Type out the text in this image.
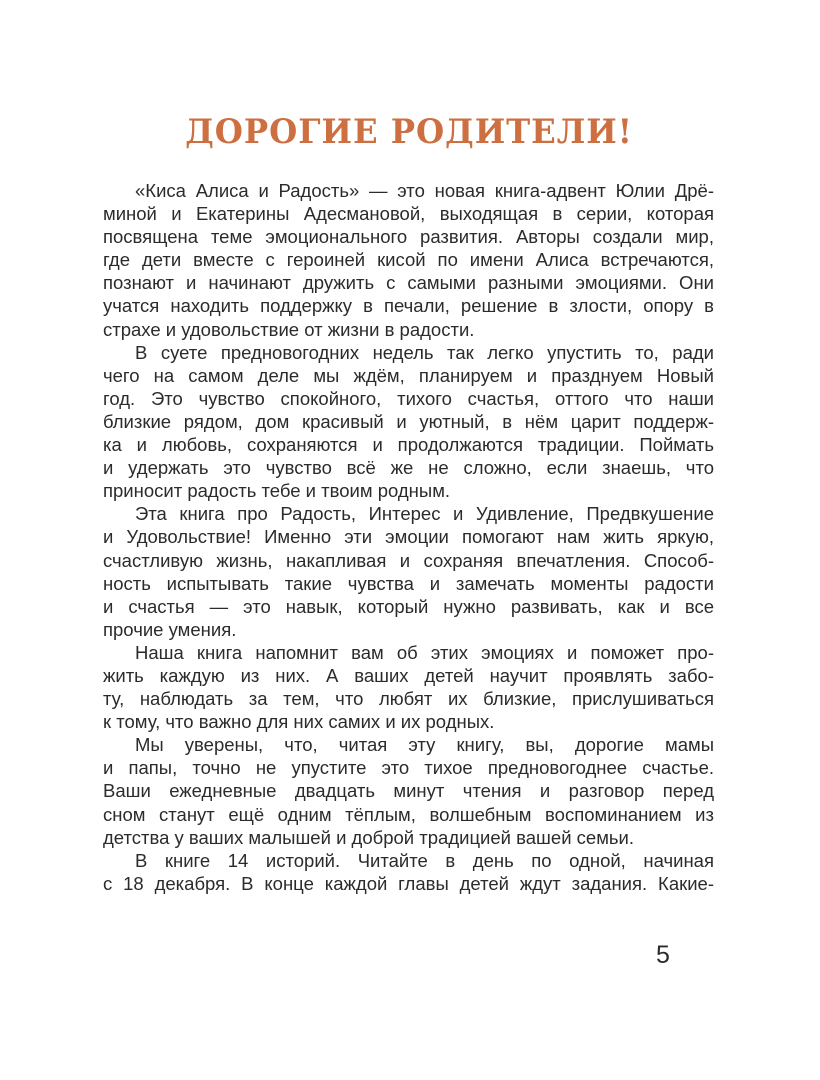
ДОРОГИЕ РОДИТЕЛИ!
«Киса Алиса и Радость» — это новая книга-адвент Юлии Дрё-
миной и Екатерины Адесмановой, выходящая в серии, которая
посвящена теме эмоционального развития. Авторы создали мир,
где дети вместе с героиней кисой по имени Алиса встречаются,
познают и начинают дружить с самыми разными эмоциями. Они
учатся находить поддержку в печали, решение в злости, опору в
страхе и удовольствие от жизни в радости.
В суете предновогодних недель так легко упустить то, ради
чего на самом деле мы ждём, планируем и празднуем Новый
год. Это чувство спокойного, тихого счастья, оттого что наши
близкие рядом, дом красивый и уютный, в нём царит поддерж-
ка и любовь, сохраняются и продолжаются традиции. Поймать
и удержать это чувство всё же не сложно, если знаешь, что
приносит радость тебе и твоим родным.
Эта книга про Радость, Интерес и Удивление, Предвкушение
и Удовольствие! Именно эти эмоции помогают нам жить яркую,
счастливую жизнь, накапливая и сохраняя впечатления. Способ-
ность испытывать такие чувства и замечать моменты радости
и счастья — это навык, который нужно развивать, как и все
прочие умения.
Наша книга напомнит вам об этих эмоциях и поможет про-
жить каждую из них. А ваших детей научит проявлять забо-
ту, наблюдать за тем, что любят их близкие, прислушиваться
к тому, что важно для них самих и их родных.
Мы уверены, что, читая эту книгу, вы, дорогие мамы
и папы, точно не упустите это тихое предновогоднее счастье.
Ваши ежедневные двадцать минут чтения и разговор перед
сном станут ещё одним тёплым, волшебным воспоминанием из
детства у ваших малышей и доброй традицией вашей семьи.
В книге 14 историй. Читайте в день по одной, начиная
с 18 декабря. В конце каждой главы детей ждут задания. Какие-
5
